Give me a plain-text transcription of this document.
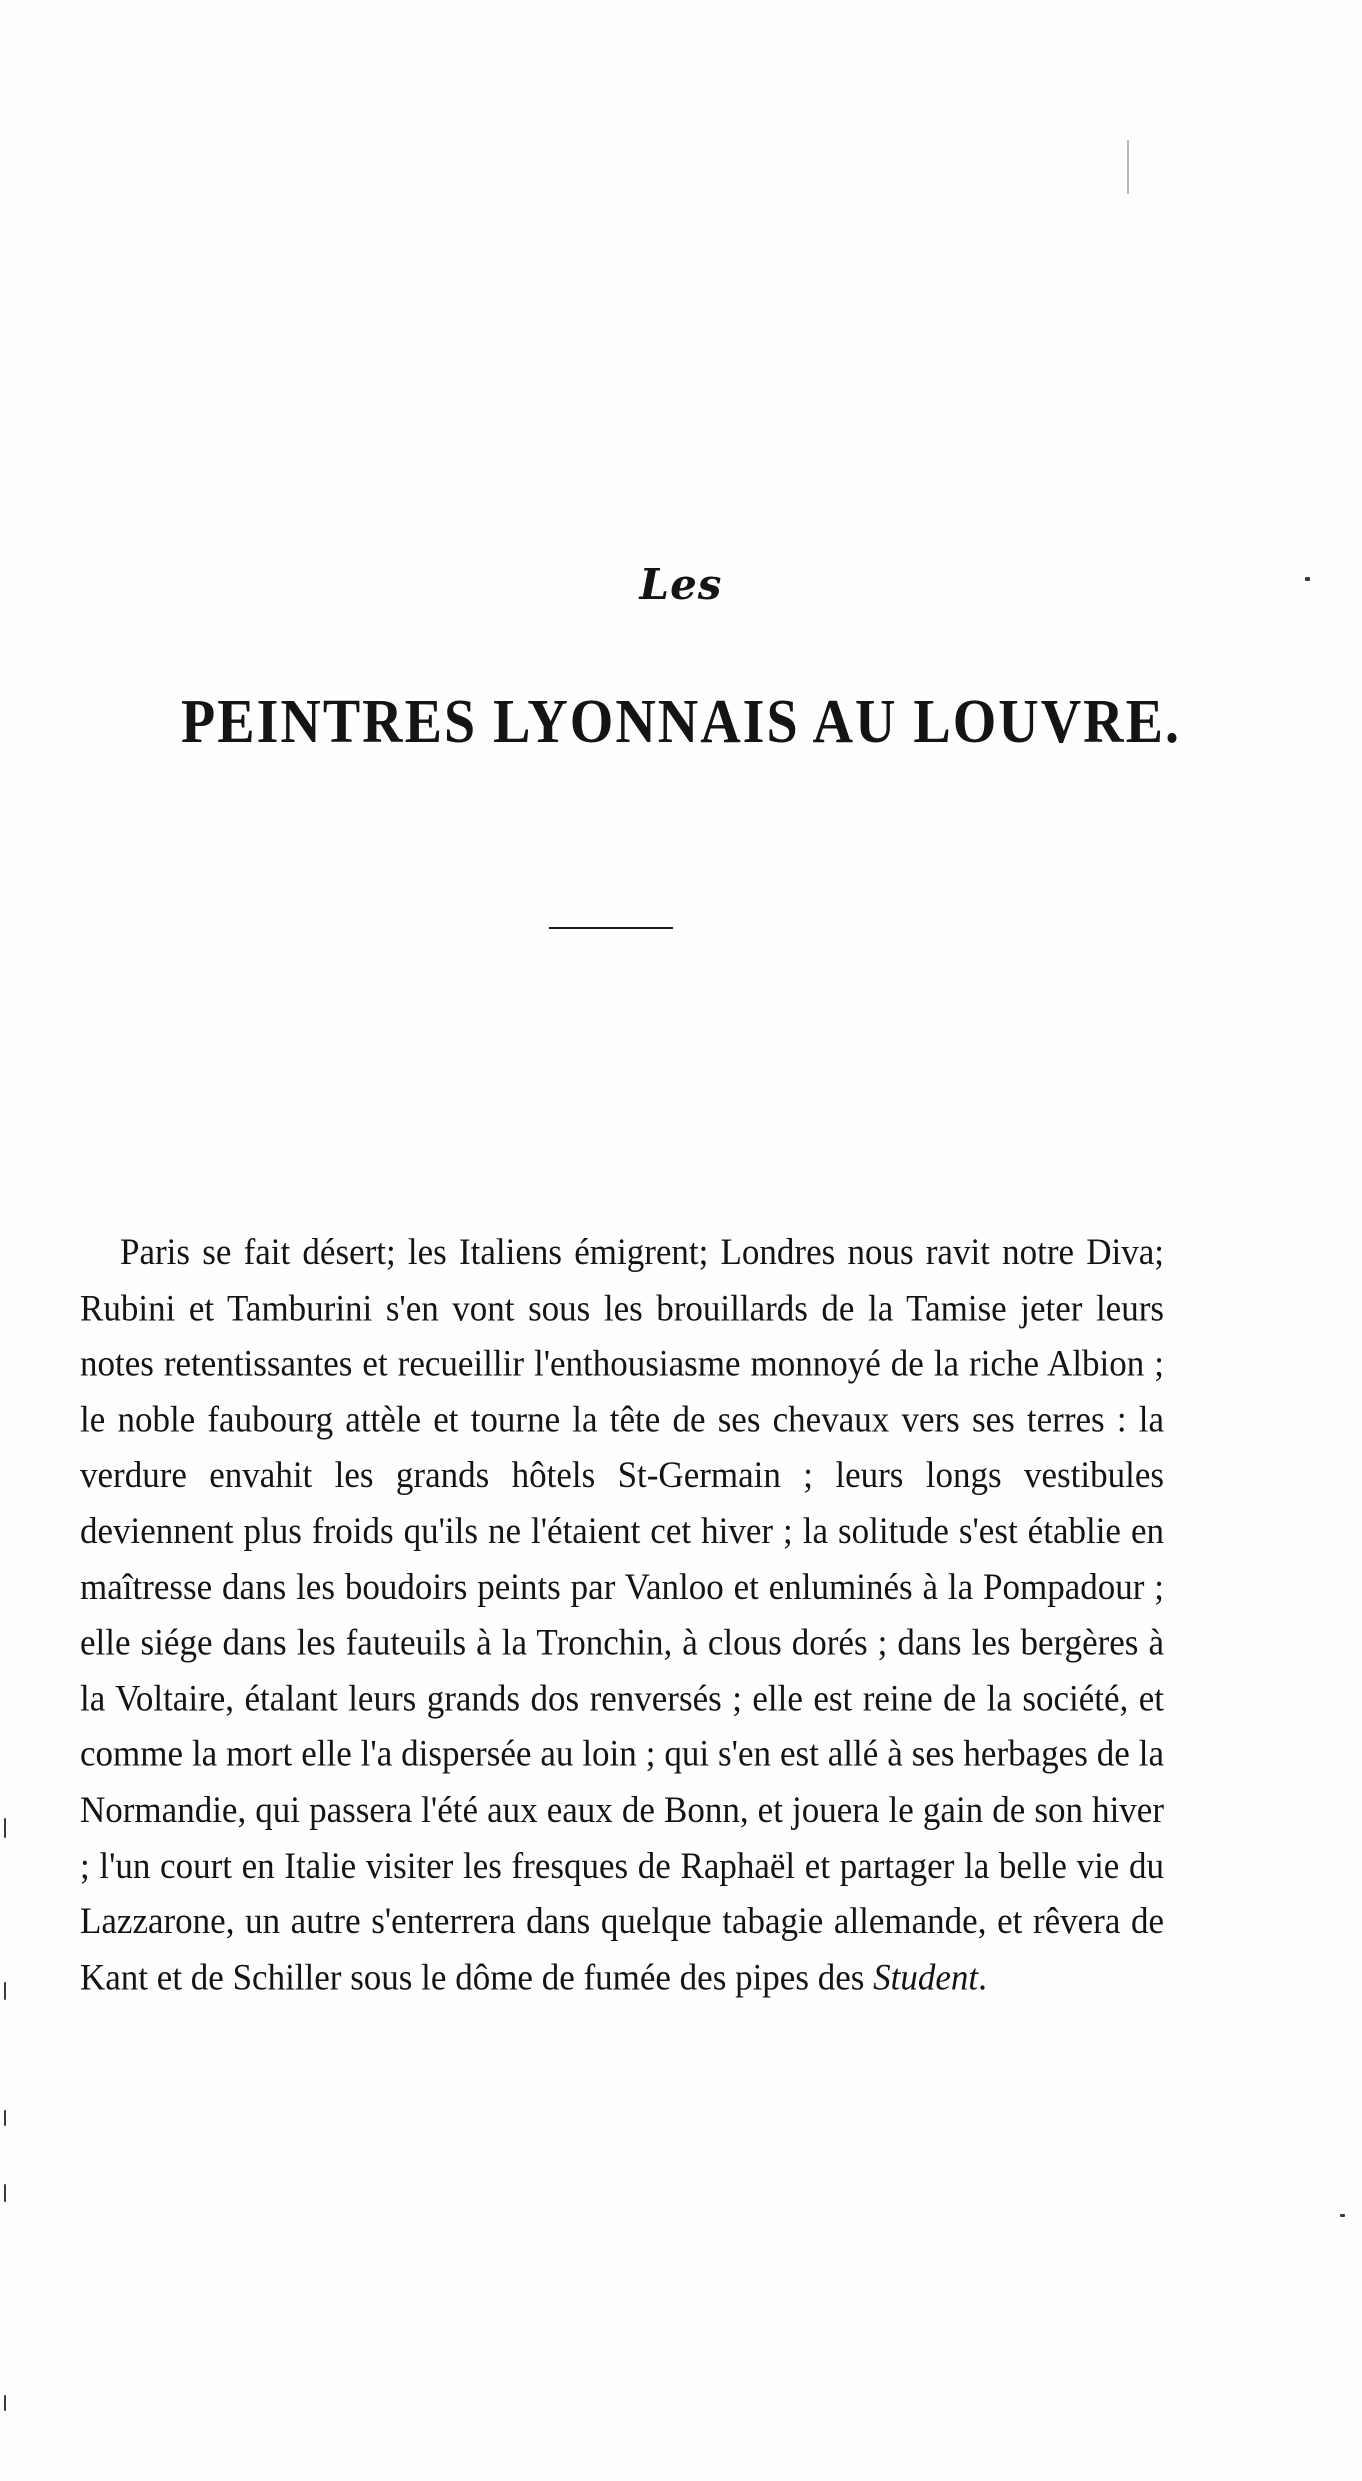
Les
PEINTRES LYONNAIS AU LOUVRE.

Paris se fait désert; les Italiens émigrent; Londres nous ravit notre Diva; Rubini et Tamburini s'en vont sous les brouillards de la Tamise jeter leurs notes retentissantes et recueillir l'enthousiasme monnoyé de la riche Albion ; le noble faubourg attèle et tourne la tête de ses chevaux vers ses terres : la verdure envahit les grands hôtels St-Germain ; leurs longs vestibules deviennent plus froids qu'ils ne l'étaient cet hiver ; la solitude s'est établie en maîtresse dans les boudoirs peints par Vanloo et enluminés à la Pompadour ; elle siége dans les fauteuils à la Tronchin, à clous dorés ; dans les bergères à la Voltaire, étalant leurs grands dos renversés ; elle est reine de la société, et comme la mort elle l'a dispersée au loin ; qui s'en est allé à ses herbages de la Normandie, qui passera l'été aux eaux de Bonn, et jouera le gain de son hiver ; l'un court en Italie visiter les fresques de Raphaël et partager la belle vie du Lazzarone, un autre s'enterrera dans quelque tabagie allemande, et rêvera de Kant et de Schiller sous le dôme de fumée des pipes des Student.
